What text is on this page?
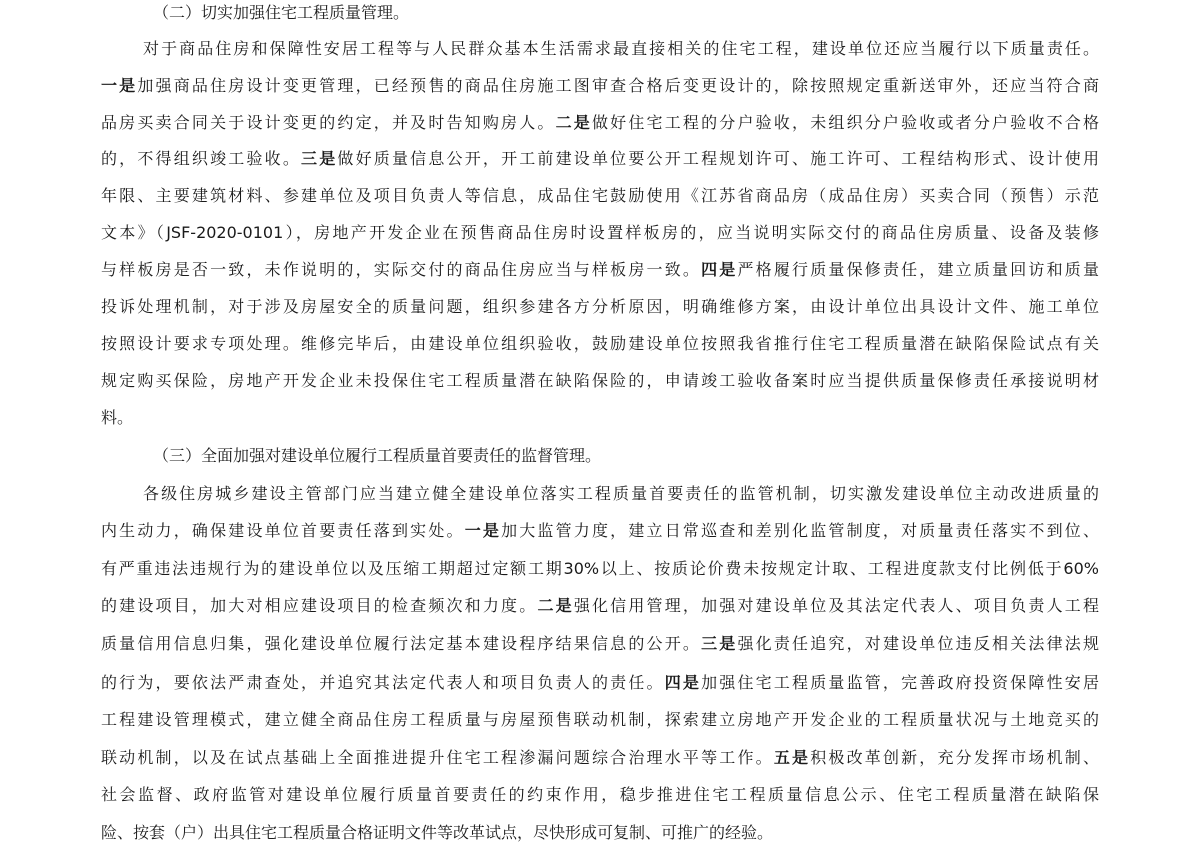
（二）切实加强住宅工程质量管理。

对于商品住房和保障性安居工程等与人民群众基本生活需求最直接相关的住宅工程，建设单位还应当履行以下质量责任。

一是加强商品住房设计变更管理，已经预售的商品住房施工图审查合格后变更设计的，除按照规定重新送审外，还应当符合商

品房买卖合同关于设计变更的约定，并及时告知购房人。二是做好住宅工程的分户验收，未组织分户验收或者分户验收不合格

的，不得组织竣工验收。三是做好质量信息公开，开工前建设单位要公开工程规划许可、施工许可、工程结构形式、设计使用

年限、主要建筑材料、参建单位及项目负责人等信息，成品住宅鼓励使用《江苏省商品房（成品住房）买卖合同（预售）示范

文本》（JSF-2020-0101），房地产开发企业在预售商品住房时设置样板房的，应当说明实际交付的商品住房质量、设备及装修

与样板房是否一致，未作说明的，实际交付的商品住房应当与样板房一致。四是严格履行质量保修责任，建立质量回访和质量

投诉处理机制，对于涉及房屋安全的质量问题，组织参建各方分析原因，明确维修方案，由设计单位出具设计文件、施工单位

按照设计要求专项处理。维修完毕后，由建设单位组织验收，鼓励建设单位按照我省推行住宅工程质量潜在缺陷保险试点有关

规定购买保险，房地产开发企业未投保住宅工程质量潜在缺陷保险的，申请竣工验收备案时应当提供质量保修责任承接说明材

料。

（三）全面加强对建设单位履行工程质量首要责任的监督管理。

各级住房城乡建设主管部门应当建立健全建设单位落实工程质量首要责任的监管机制，切实激发建设单位主动改进质量的

内生动力，确保建设单位首要责任落到实处。一是加大监管力度，建立日常巡查和差别化监管制度，对质量责任落实不到位、

有严重违法违规行为的建设单位以及压缩工期超过定额工期30%以上、按质论价费未按规定计取、工程进度款支付比例低于60%

的建设项目，加大对相应建设项目的检查频次和力度。二是强化信用管理，加强对建设单位及其法定代表人、项目负责人工程

质量信用信息归集，强化建设单位履行法定基本建设程序结果信息的公开。三是强化责任追究，对建设单位违反相关法律法规

的行为，要依法严肃查处，并追究其法定代表人和项目负责人的责任。四是加强住宅工程质量监管，完善政府投资保障性安居

工程建设管理模式，建立健全商品住房工程质量与房屋预售联动机制，探索建立房地产开发企业的工程质量状况与土地竞买的

联动机制，以及在试点基础上全面推进提升住宅工程渗漏问题综合治理水平等工作。五是积极改革创新，充分发挥市场机制、

社会监督、政府监管对建设单位履行质量首要责任的约束作用，稳步推进住宅工程质量信息公示、住宅工程质量潜在缺陷保

险、按套（户）出具住宅工程质量合格证明文件等改革试点，尽快形成可复制、可推广的经验。
